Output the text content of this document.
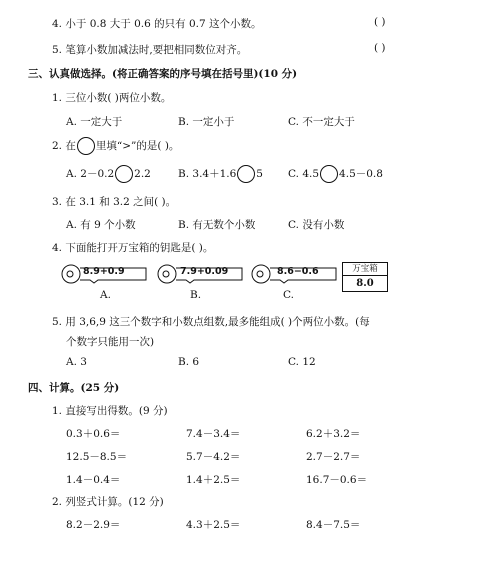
4. 小于 0.8 大于 0.6 的只有 0.7 这个小数。	( )
5. 笔算小数加减法时,要把相同数位对齐。	( )
三、认真做选择。(将正确答案的序号填在括号里)(10 分)
1. 三位小数( )两位小数。
A. 一定大于	B. 一定小于	C. 不一定大于
2. 在 里填“>”的是( )。
A. 2－0.2 2.2	B. 3.4＋1.6 5 C. 4.5 4.5－0.8
3. 在 3.1 和 3.2 之间( )。
A. 有 9 个小数	B. 有无数个小数	C. 没有小数
4. 下面能打开万宝箱的钥匙是( )。
8.9+0.9
A.
7.9+0.09
B.
8.6−0.6
C.
万宝箱
8.0
5. 用 3,6,9 这三个数字和小数点组数,最多能组成( )个两位小数。(每
个数字只能用一次)
A. 3	B. 6	C. 12
四、计算。(25 分)
1. 直接写出得数。(9 分)
0.3＋0.6＝	7.4－3.4＝	6.2＋3.2＝
12.5－8.5＝	5.7－4.2＝	2.7－2.7＝
1.4－0.4＝	1.4＋2.5＝	16.7－0.6＝
2. 列竖式计算。(12 分)
8.2－2.9＝	4.3＋2.5＝	8.4－7.5＝
